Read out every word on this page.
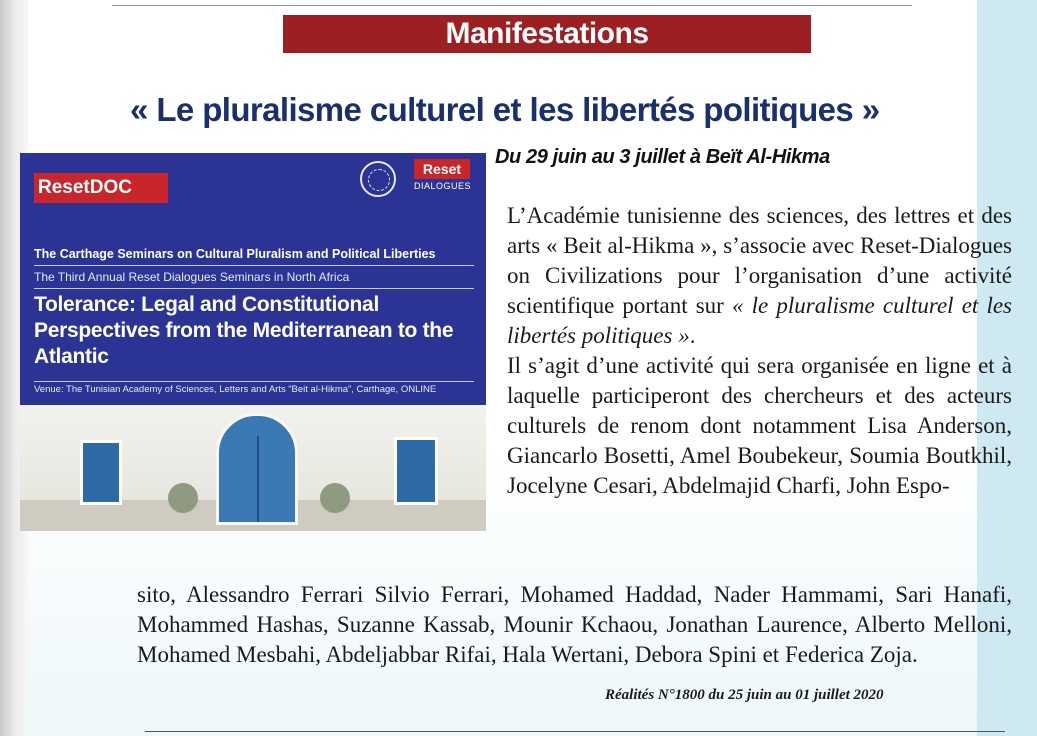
Manifestations
« Le pluralisme culturel et les libertés politiques »
Du 29 juin au 3 juillet à Beït Al-Hikma
ResetDOC
Reset
DIALOGUES
The Carthage Seminars on Cultural Pluralism and Political Liberties
The Third Annual Reset Dialogues Seminars in North Africa
Tolerance: Legal and Constitutional Perspectives from the Mediterranean to the Atlantic
Venue: The Tunisian Academy of Sciences, Letters and Arts “Beit al-Hikma”, Carthage, ONLINE

L’Académie tunisienne des sciences, des lettres et des arts « Beit al-Hikma », s’associe avec Reset-Dialogues on Civilizations pour l’organisation d’une activité scientifique portant sur « le pluralisme culturel et les libertés politiques ».

Il s’agit d’une activité qui sera organisée en ligne et à laquelle participeront des chercheurs et des acteurs culturels de renom dont notamment Lisa Anderson, Giancarlo Bosetti, Amel Boubekeur, Soumia Boutkhil, Jocelyne Cesari, Abdelmajid Charfi, John Espo-

sito, Alessandro Ferrari Silvio Ferrari, Mohamed Haddad, Nader Hammami, Sari Hanafi, Mohammed Hashas, Suzanne Kassab, Mounir Kchaou, Jonathan Laurence, Alberto Melloni, Mohamed Mesbahi, Abdeljabbar Rifai, Hala Wertani, Debora Spini et Federica Zoja.
Réalités N°1800 du 25 juin au 01 juillet 2020
